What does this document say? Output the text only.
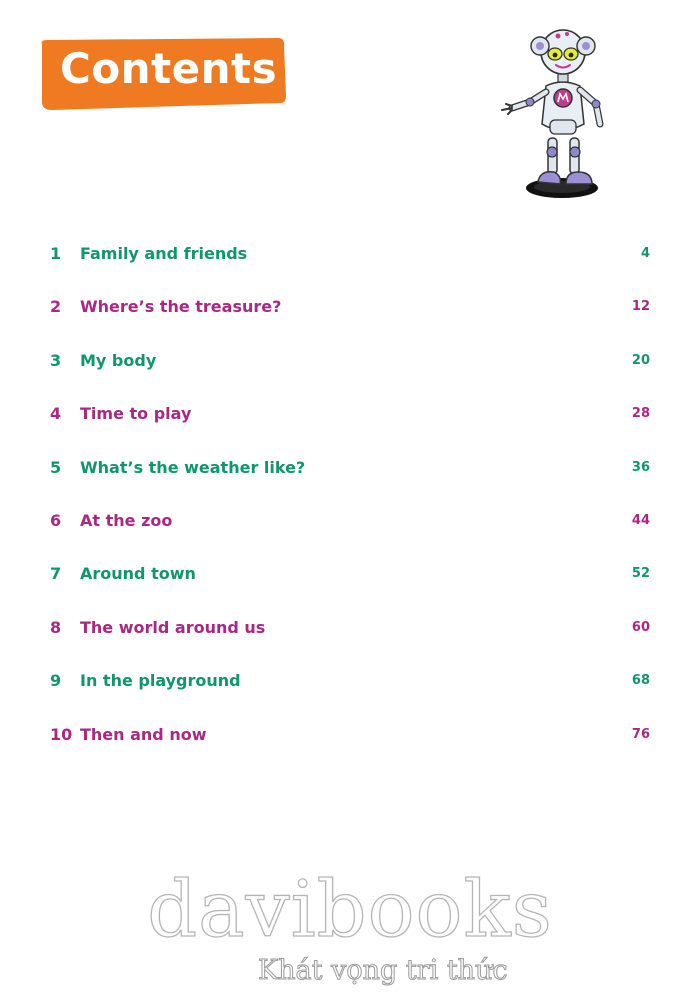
Contents
1 Family and friends	4
2 Where’s the treasure?	12
3 My body	20
4 Time to play	28
5 What’s the weather like?	36
6 At the zoo	44
7 Around town	52
8 The world around us	60
9 In the playground	68
10 Then and now	76
davibooks
Khát vọng tri thức
